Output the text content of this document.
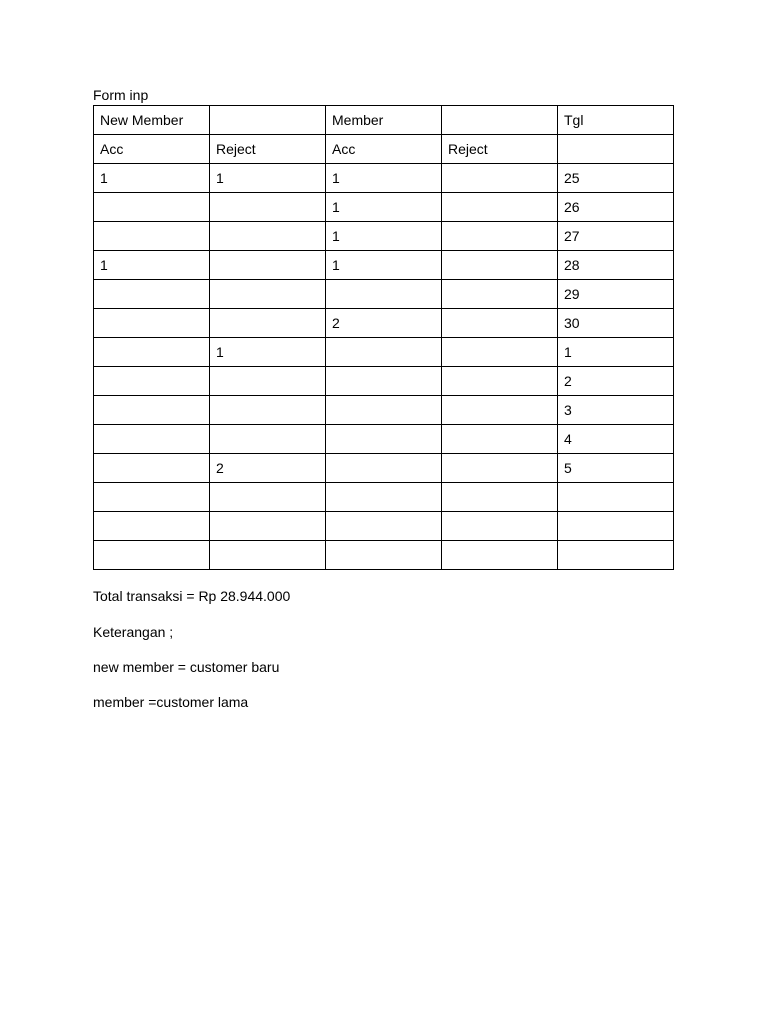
Form inp
New Member		Member		Tgl
Acc	Reject	Acc	Reject	
1	1	1		25
		1		26
		1		27
1		1		28
				29
		2		30
	1			1
				2
				3
				4
	2			5

Total transaksi = Rp 28.944.000
Keterangan ;
new member = customer baru
member =customer lama
